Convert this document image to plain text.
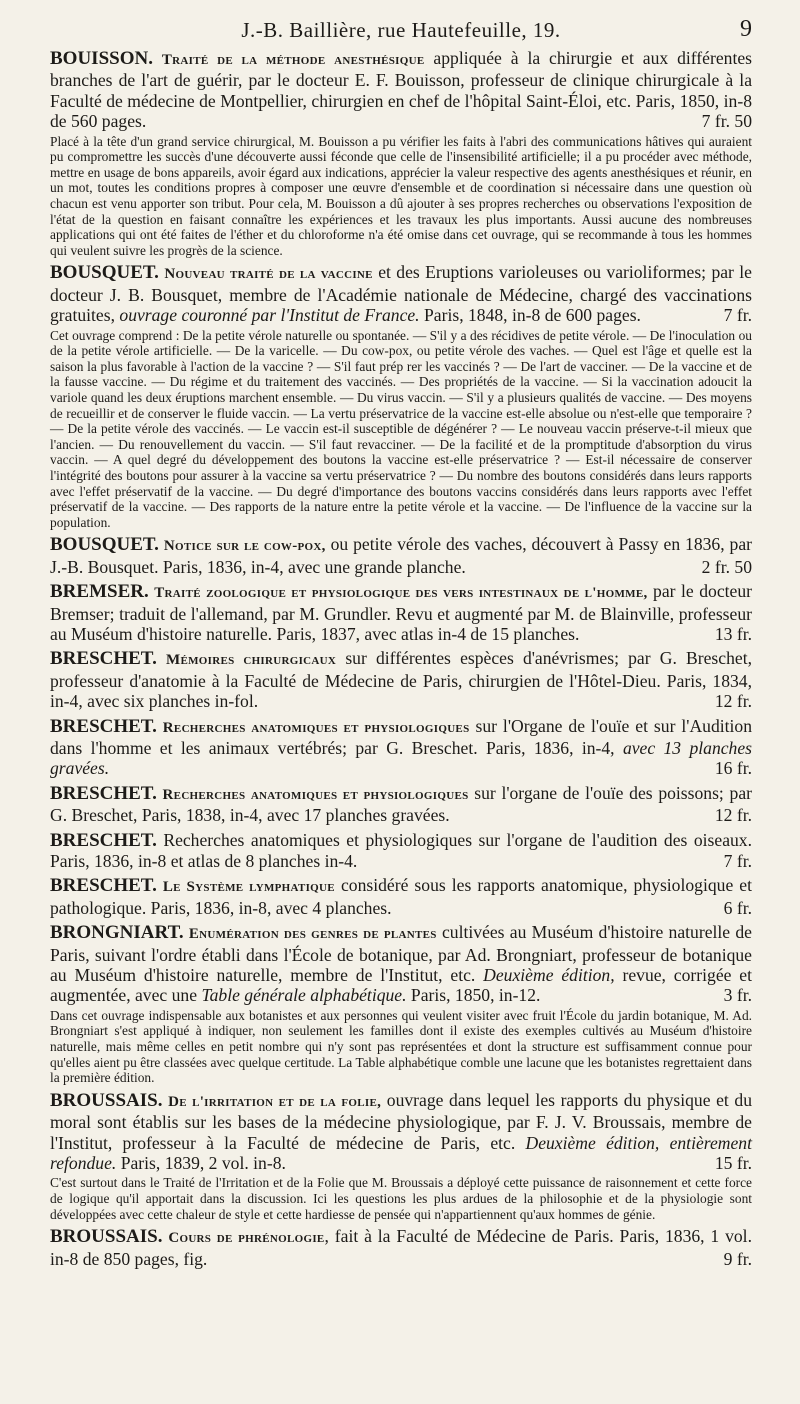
J.-B. Baillière, rue Hautefeuille, 19.	9

BOUISSON. Traité de la méthode anesthésique appliquée à la chirurgie et aux différentes branches de l'art de guérir, par le docteur E. F. Bouisson, professeur de clinique chirurgicale à la Faculté de médecine de Montpellier, chirurgien en chef de l'hôpital Saint-Éloi, etc. Paris, 1850, in-8 de 560 pages.	7 fr. 50

Placé à la tête d'un grand service chirurgical, M. Bouisson a pu vérifier les faits à l'abri des communications hâtives qui auraient pu compromettre les succès d'une découverte aussi féconde que celle de l'insensibilité artificielle; il a pu procéder avec méthode, mettre en usage de bons appareils, avoir égard aux indications, apprécier la valeur respective des agents anesthésiques et réunir, en un mot, toutes les conditions propres à composer une œuvre d'ensemble et de coordination si nécessaire dans une question où chacun est venu apporter son tribut. Pour cela, M. Bouisson a dû ajouter à ses propres recherches ou observations l'exposition de l'état de la question en faisant connaître les expériences et les travaux les plus importants. Aussi aucune des nombreuses applications qui ont été faites de l'éther et du chloroforme n'a été omise dans cet ouvrage, qui se recommande à tous les hommes qui veulent suivre les progrès de la science.

BOUSQUET. Nouveau traité de la vaccine et des Eruptions varioleuses ou varioliformes; par le docteur J. B. Bousquet, membre de l'Académie nationale de Médecine, chargé des vaccinations gratuites, ouvrage couronné par l'Institut de France. Paris, 1848, in-8 de 600 pages.	7 fr.

Cet ouvrage comprend : De la petite vérole naturelle ou spontanée. — S'il y a des récidives de petite vérole. — De l'inoculation ou de la petite vérole artificielle. — De la varicelle. — Du cow-pox, ou petite vérole des vaches. — Quel est l'âge et quelle est la saison la plus favorable à l'action de la vaccine ? — S'il faut prép rer les vaccinés ? — De l'art de vacciner. — De la vaccine et de la fausse vaccine. — Du régime et du traitement des vaccinés. — Des propriétés de la vaccine. — Si la vaccination adoucit la variole quand les deux éruptions marchent ensemble. — Du virus vaccin. — S'il y a plusieurs qualités de vaccine. — Des moyens de recueillir et de conserver le fluide vaccin. — La vertu préservatrice de la vaccine est-elle absolue ou n'est-elle que temporaire ? — De la petite vérole des vaccinés. — Le vaccin est-il susceptible de dégénérer ? — Le nouveau vaccin préserve-t-il mieux que l'ancien. — Du renouvellement du vaccin. — S'il faut revacciner. — De la facilité et de la promptitude d'absorption du virus vaccin. — A quel degré du développement des boutons la vaccine est-elle préservatrice ? — Est-il nécessaire de conserver l'intégrité des boutons pour assurer à la vaccine sa vertu préservatrice ? — Du nombre des boutons considérés dans leurs rapports avec l'effet préservatif de la vaccine. — Du degré d'importance des boutons vaccins considérés dans leurs rapports avec l'effet préservatif de la vaccine. — Des rapports de la nature entre la petite vérole et la vaccine. — De l'influence de la vaccine sur la population.

BOUSQUET. Notice sur le cow-pox, ou petite vérole des vaches, découvert à Passy en 1836, par J.-B. Bousquet. Paris, 1836, in-4, avec une grande planche.	2 fr. 50

BREMSER. Traité zoologique et physiologique des vers intestinaux de l'homme, par le docteur Bremser; traduit de l'allemand, par M. Grundler. Revu et augmenté par M. de Blainville, professeur au Muséum d'histoire naturelle. Paris, 1837, avec atlas in-4 de 15 planches.	13 fr.

BRESCHET. Mémoires chirurgicaux sur différentes espèces d'anévrismes; par G. Breschet, professeur d'anatomie à la Faculté de Médecine de Paris, chirurgien de l'Hôtel-Dieu. Paris, 1834, in-4, avec six planches in-fol.	12 fr.

BRESCHET. Recherches anatomiques et physiologiques sur l'Organe de l'ouïe et sur l'Audition dans l'homme et les animaux vertébrés; par G. Breschet. Paris, 1836, in-4, avec 13 planches gravées.	16 fr.

BRESCHET. Recherches anatomiques et physiologiques sur l'organe de l'ouïe des poissons; par G. Breschet, Paris, 1838, in-4, avec 17 planches gravées.	12 fr.

BRESCHET. Recherches anatomiques et physiologiques sur l'organe de l'audition des oiseaux. Paris, 1836, in-8 et atlas de 8 planches in-4.	7 fr.

BRESCHET. Le Système lymphatique considéré sous les rapports anatomique, physiologique et pathologique. Paris, 1836, in-8, avec 4 planches.	6 fr.

BRONGNIART. Enumération des genres de plantes cultivées au Muséum d'histoire naturelle de Paris, suivant l'ordre établi dans l'École de botanique, par Ad. Brongniart, professeur de botanique au Muséum d'histoire naturelle, membre de l'Institut, etc. Deuxième édition, revue, corrigée et augmentée, avec une Table générale alphabétique. Paris, 1850, in-12.	3 fr.

Dans cet ouvrage indispensable aux botanistes et aux personnes qui veulent visiter avec fruit l'École du jardin botanique, M. Ad. Brongniart s'est appliqué à indiquer, non seulement les familles dont il existe des exemples cultivés au Muséum d'histoire naturelle, mais même celles en petit nombre qui n'y sont pas représentées et dont la structure est suffisamment connue pour qu'elles aient pu être classées avec quelque certitude. La Table alphabétique comble une lacune que les botanistes regrettaient dans la première édition.

BROUSSAIS. De l'irritation et de la folie, ouvrage dans lequel les rapports du physique et du moral sont établis sur les bases de la médecine physiologique, par F. J. V. Broussais, membre de l'Institut, professeur à la Faculté de médecine de Paris, etc. Deuxième édition, entièrement refondue. Paris, 1839, 2 vol. in-8.	15 fr.

C'est surtout dans le Traité de l'Irritation et de la Folie que M. Broussais a déployé cette puissance de raisonnement et cette force de logique qu'il apportait dans la discussion. Ici les questions les plus ardues de la philosophie et de la physiologie sont développées avec cette chaleur de style et cette hardiesse de pensée qui n'appartiennent qu'aux hommes de génie.

BROUSSAIS. Cours de phrénologie, fait à la Faculté de Médecine de Paris. Paris, 1836, 1 vol. in-8 de 850 pages, fig.	9 fr.
